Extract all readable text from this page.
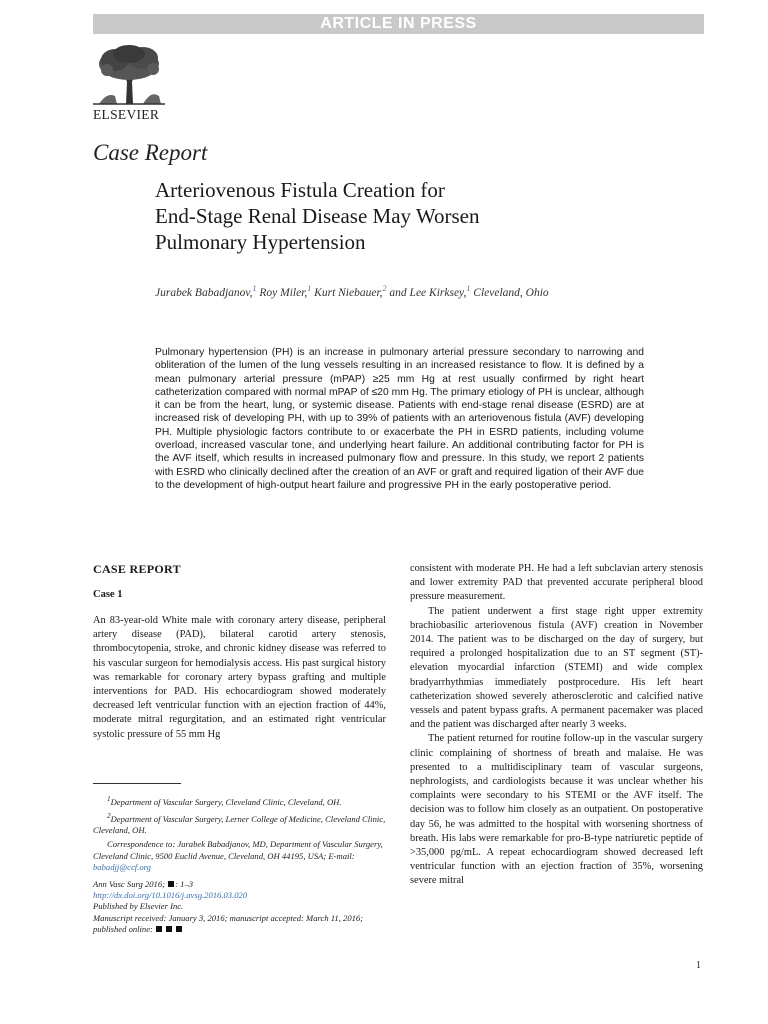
ARTICLE IN PRESS
ELSEVIER
Case Report
Arteriovenous Fistula Creation for
End-Stage Renal Disease May Worsen
Pulmonary Hypertension
Jurabek Babadjanov,$^1$ Roy Miler,$^1$ Kurt Niebauer,$^2$ and Lee Kirksey,$^1$ Cleveland, Ohio
Pulmonary hypertension (PH) is an increase in pulmonary arterial pressure secondary to narrowing and obliteration of the lumen of the lung vessels resulting in an increased resistance to flow. It is defined by a mean pulmonary arterial pressure (mPAP) ≥25 mm Hg at rest usually confirmed by right heart catheterization compared with normal mPAP of ≤20 mm Hg. The primary etiology of PH is unclear, although it can be from the heart, lung, or systemic disease. Patients with end-stage renal disease (ESRD) are at increased risk of developing PH, with up to 39% of patients with an arteriovenous fistula (AVF) developing PH. Multiple physiologic factors contribute to or exacerbate the PH in ESRD patients, including volume overload, increased vascular tone, and underlying heart failure. An additional contributing factor for PH is the AVF itself, which results in increased pulmonary flow and pressure. In this study, we report 2 patients with ESRD who clinically declined after the creation of an AVF or graft and required ligation of their AVF due to the development of high-output heart failure and progressive PH in the early postoperative period.
CASE REPORT
Case 1

An 83-year-old White male with coronary artery disease, peripheral artery disease (PAD), bilateral carotid artery stenosis, thrombocytopenia, stroke, and chronic kidney disease was referred to his vascular surgeon for hemodialysis access. His past surgical history was remarkable for coronary artery bypass grafting and multiple interventions for PAD. His echocardiogram showed moderately decreased left ventricular function with an ejection fraction of 44%, moderate mitral regurgitation, and an estimated right ventricular systolic pressure of 55 mm Hg

$^1$Department of Vascular Surgery, Cleveland Clinic, Cleveland, OH.

$^2$Department of Vascular Surgery, Lerner College of Medicine, Cleveland Clinic, Cleveland, OH.

Correspondence to: Jurabek Babadjanov, MD, Department of Vascular Surgery, Cleveland Clinic, 9500 Euclid Avenue, Cleveland, OH 44195, USA; E-mail: babadjj@ccf.org

Ann Vasc Surg 2016; : 1–3
http://dx.doi.org/10.1016/j.avsg.2016.03.020
Published by Elsevier Inc.
Manuscript received: January 3, 2016; manuscript accepted: March 11, 2016; published online:

consistent with moderate PH. He had a left subclavian artery stenosis and lower extremity PAD that prevented accurate peripheral blood pressure measurement.

The patient underwent a first stage right upper extremity brachiobasilic arteriovenous fistula (AVF) creation in November 2014. The patient was to be discharged on the day of surgery, but required a prolonged hospitalization due to an ST segment (ST)-elevation myocardial infarction (STEMI) and wide complex bradyarrhythmias immediately postprocedure. His left heart catheterization showed severely atherosclerotic and calcified native vessels and patent bypass grafts. A permanent pacemaker was placed and the patient was discharged after nearly 3 weeks.

The patient returned for routine follow-up in the vascular surgery clinic complaining of shortness of breath and malaise. He was presented to a multidisciplinary team of vascular surgeons, nephrologists, and cardiologists because it was unclear whether his complaints were secondary to his STEMI or the AVF itself. The decision was to follow him closely as an outpatient. On postoperative day 56, he was admitted to the hospital with worsening shortness of breath. His labs were remarkable for pro-B-type natriuretic peptide of >35,000 pg/mL. A repeat echocardiogram showed decreased left ventricular function with an ejection fraction of 35%, worsening severe mitral

1
